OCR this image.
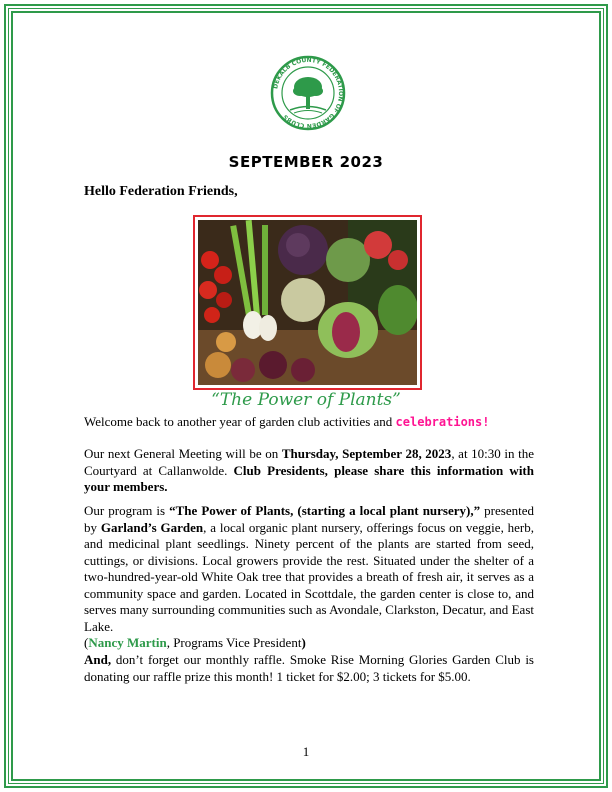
DEKALB COUNTY FEDERATION OF GARDEN CLUBS
SEPTEMBER 2023
Hello Federation Friends,
“The Power of Plants”

Welcome back to another year of garden club activities and celebrations!

Our next General Meeting will be on Thursday, September 28, 2023, at 10:30 in the Courtyard at Callanwolde. Club Presidents, please share this information with your members.

Our program is “The Power of Plants, (starting a local plant nursery),” presented by Garland’s Garden, a local organic plant nursery, offerings focus on veggie, herb, and medicinal plant seedlings. Ninety percent of the plants are started from seed, cuttings, or divisions. Local growers provide the rest. Situated under the shelter of a two-hundred-year-old White Oak tree that provides a breath of fresh air, it serves as a community space and garden. Located in Scottdale, the garden center is close to, and serves many surrounding communities such as Avondale, Clarkston, Decatur, and East Lake.
(Nancy Martin, Programs Vice President)

And, don’t forget our monthly raffle. Smoke Rise Morning Glories Garden Club is donating our raffle prize this month! 1 ticket for $2.00; 3 tickets for $5.00.

1
